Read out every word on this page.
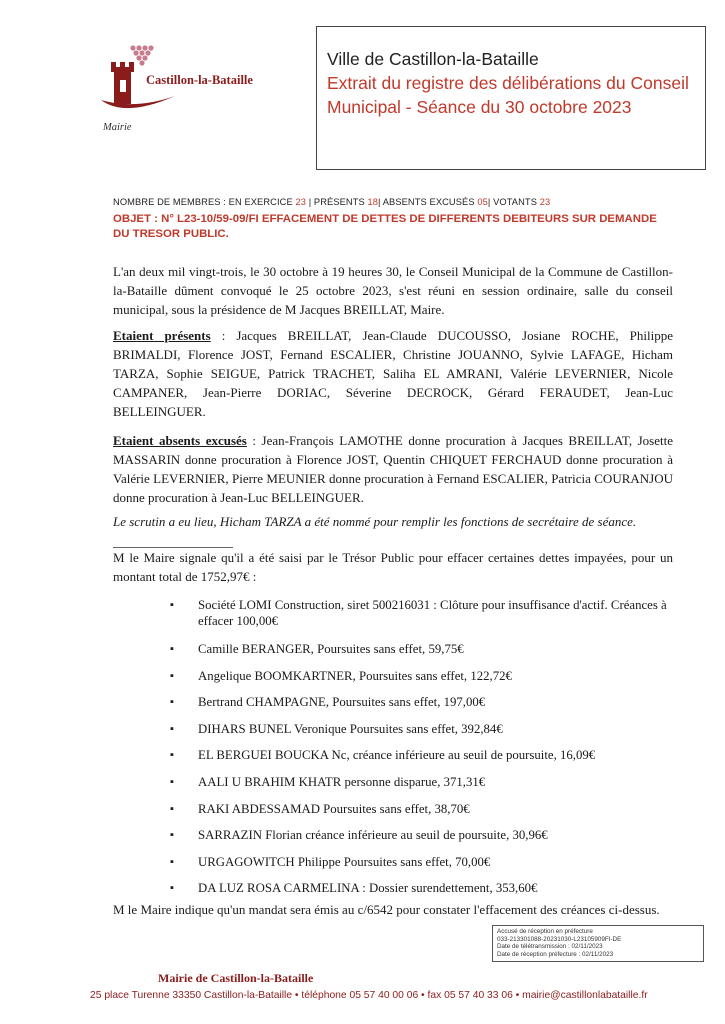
Castillon-la-Bataille
Mairie
Ville de Castillon-la-Bataille
Extrait du registre des délibérations du Conseil Municipal - Séance du 30 octobre 2023
NOMBRE DE MEMBRES : EN EXERCICE 23 | PRÉSENTS 18| ABSENTS EXCUSÉS 05| VOTANTS 23
OBJET : N° L23-10/59-09/FI EFFACEMENT DE DETTES DE DIFFERENTS DEBITEURS SUR DEMANDE DU TRESOR PUBLIC.
L'an deux mil vingt-trois, le 30 octobre à 19 heures 30, le Conseil Municipal de la Commune de Castillon-la-Bataille dûment convoqué le 25 octobre 2023, s'est réuni en session ordinaire, salle du conseil municipal, sous la présidence de M Jacques BREILLAT, Maire.
Etaient présents : Jacques BREILLAT, Jean-Claude DUCOUSSO, Josiane ROCHE, Philippe BRIMALDI, Florence JOST, Fernand ESCALIER, Christine JOUANNO, Sylvie LAFAGE, Hicham TARZA, Sophie SEIGUE, Patrick TRACHET, Saliha EL AMRANI, Valérie LEVERNIER, Nicole CAMPANER, Jean-Pierre DORIAC, Séverine DECROCK, Gérard FERAUDET, Jean-Luc BELLEINGUER.
Etaient absents excusés : Jean-François LAMOTHE donne procuration à Jacques BREILLAT, Josette MASSARIN donne procuration à Florence JOST, Quentin CHIQUET FERCHAUD donne procuration à Valérie LEVERNIER, Pierre MEUNIER donne procuration à Fernand ESCALIER, Patricia COURANJOU donne procuration à Jean-Luc BELLEINGUER.
Le scrutin a eu lieu, Hicham TARZA a été nommé pour remplir les fonctions de secrétaire de séance.
M le Maire signale qu'il a été saisi par le Trésor Public pour effacer certaines dettes impayées, pour un montant total de 1752,97€ :
▪ Société LOMI Construction, siret 500216031 : Clôture pour insuffisance d'actif. Créances à effacer 100,00€
▪ Camille BERANGER, Poursuites sans effet, 59,75€
▪ Angelique BOOMKARTNER, Poursuites sans effet, 122,72€
▪ Bertrand CHAMPAGNE, Poursuites sans effet, 197,00€
▪ DIHARS BUNEL Veronique Poursuites sans effet, 392,84€
▪ EL BERGUEI BOUCKA Nc, créance inférieure au seuil de poursuite, 16,09€
▪ AALI U BRAHIM KHATR personne disparue, 371,31€
▪ RAKI ABDESSAMAD Poursuites sans effet, 38,70€
▪ SARRAZIN Florian créance inférieure au seuil de poursuite, 30,96€
▪ URGAGOWITCH Philippe Poursuites sans effet, 70,00€
▪ DA LUZ ROSA CARMELINA : Dossier surendettement, 353,60€
M le Maire indique qu'un mandat sera émis au c/6542 pour constater l'effacement des créances ci-dessus.
Accusé de réception en préfecture
033-213301088-20231030-L23105909FI-DE
Date de télétransmission : 02/11/2023
Date de réception préfecture : 02/11/2023
Mairie de Castillon-la-Bataille
25 place Turenne 33350 Castillon-la-Bataille • téléphone 05 57 40 00 06 • fax 05 57 40 33 06 • mairie@castillonlabataille.fr
